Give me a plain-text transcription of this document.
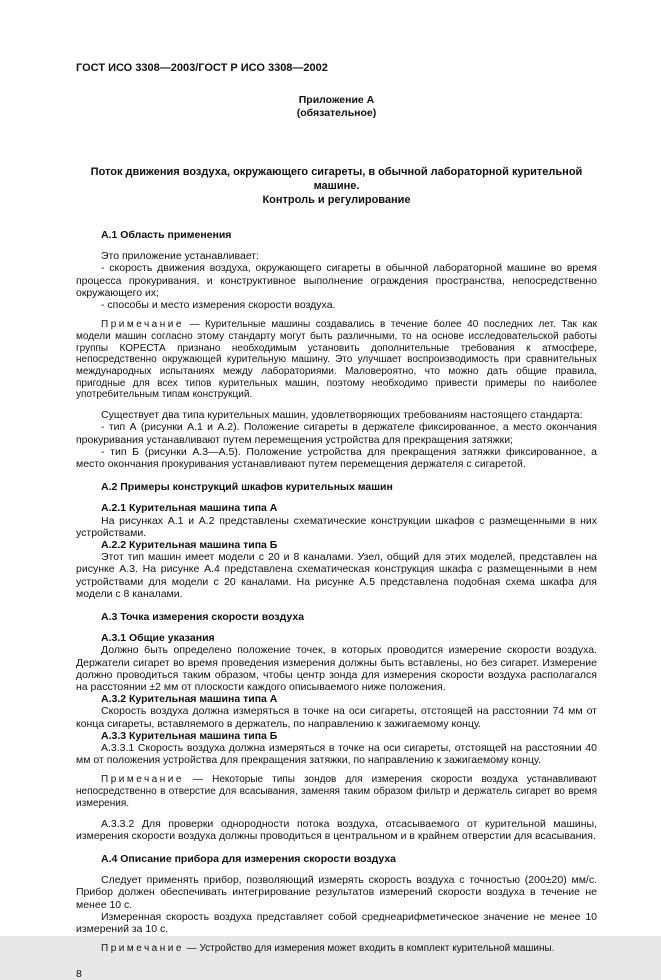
ГОСТ ИСО 3308—2003/ГОСТ Р ИСО 3308—2002
Приложение А
(обязательное)
Поток движения воздуха, окружающего сигареты, в обычной лабораторной курительной машине.
Контроль и регулирование
А.1 Область применения
Это приложение устанавливает:
- скорость движения воздуха, окружающего сигареты в обычной лабораторной машине во время процесса прокуривания, и конструктивное выполнение ограждения пространства, непосредственно окружающего их;
- способы и место измерения скорости воздуха.
Примечание — Курительные машины создавались в течение более 40 последних лет. Так как модели машин согласно этому стандарту могут быть различными, то на основе исследовательской работы группы КОРЕСТА признано необходимым установить дополнительные требования к атмосфере, непосредственно окружающей курительную машину. Это улучшает воспроизводимость при сравнительных международных испытаниях между лабораториями. Маловероятно, что можно дать общие правила, пригодные для всех типов курительных машин, поэтому необходимо привести примеры по наиболее употребительным типам конструкций.
Существует два типа курительных машин, удовлетворяющих требованиям настоящего стандарта:
- тип А (рисунки А.1 и А.2). Положение сигареты в держателе фиксированное, а место окончания прокуривания устанавливают путем перемещения устройства для прекращения затяжки;
- тип Б (рисунки А.3—А.5). Положение устройства для прекращения затяжки фиксированное, а место окончания прокуривания устанавливают путем перемещения держателя с сигаретой.
А.2 Примеры конструкций шкафов курительных машин
А.2.1 Курительная машина типа А
На рисунках А.1 и А.2 представлены схематические конструкции шкафов с размещенными в них устройствами.
А.2.2 Курительная машина типа Б
Этот тип машин имеет модели с 20 и 8 каналами. Узел, общий для этих моделей, представлен на рисунке А.3. На рисунке А.4 представлена схематическая конструкция шкафа с размещенными в нем устройствами для модели с 20 каналами. На рисунке А.5 представлена подобная схема шкафа для модели с 8 каналами.
А.3 Точка измерения скорости воздуха
А.3.1 Общие указания
Должно быть определено положение точек, в которых проводится измерение скорости воздуха. Держатели сигарет во время проведения измерения должны быть вставлены, но без сигарет. Измерение должно проводиться таким образом, чтобы центр зонда для измерения скорости воздуха располагался на расстоянии ±2 мм от плоскости каждого описываемого ниже положения.
А.3.2 Курительная машина типа А
Скорость воздуха должна измеряться в точке на оси сигареты, отстоящей на расстоянии 74 мм от конца сигареты, вставляемого в держатель, по направлению к зажигаемому концу.
А.3.3 Курительная машина типа Б
А.3.3.1 Скорость воздуха должна измеряться в точке на оси сигареты, отстоящей на расстоянии 40 мм от положения устройства для прекращения затяжки, по направлению к зажигаемому концу.
Примечание — Некоторые типы зондов для измерения скорости воздуха устанавливают непосредственно в отверстие для всасывания, заменяя таким образом фильтр и держатель сигарет во время измерения.
А.3.3.2 Для проверки однородности потока воздуха, отсасываемого от курительной машины, измерения скорости воздуха должны проводиться в центральном и в крайнем отверстии для всасывания.
А.4 Описание прибора для измерения скорости воздуха
Следует применять прибор, позволяющий измерять скорость воздуха с точностью (200±20) мм/с. Прибор должен обеспечивать интегрирование результатов измерений скорости воздуха в течение не менее 10 с.
Измеренная скорость воздуха представляет собой среднеарифметическое значение не менее 10 измерений за 10 с.
Примечание — Устройство для измерения может входить в комплект курительной машины.
8
